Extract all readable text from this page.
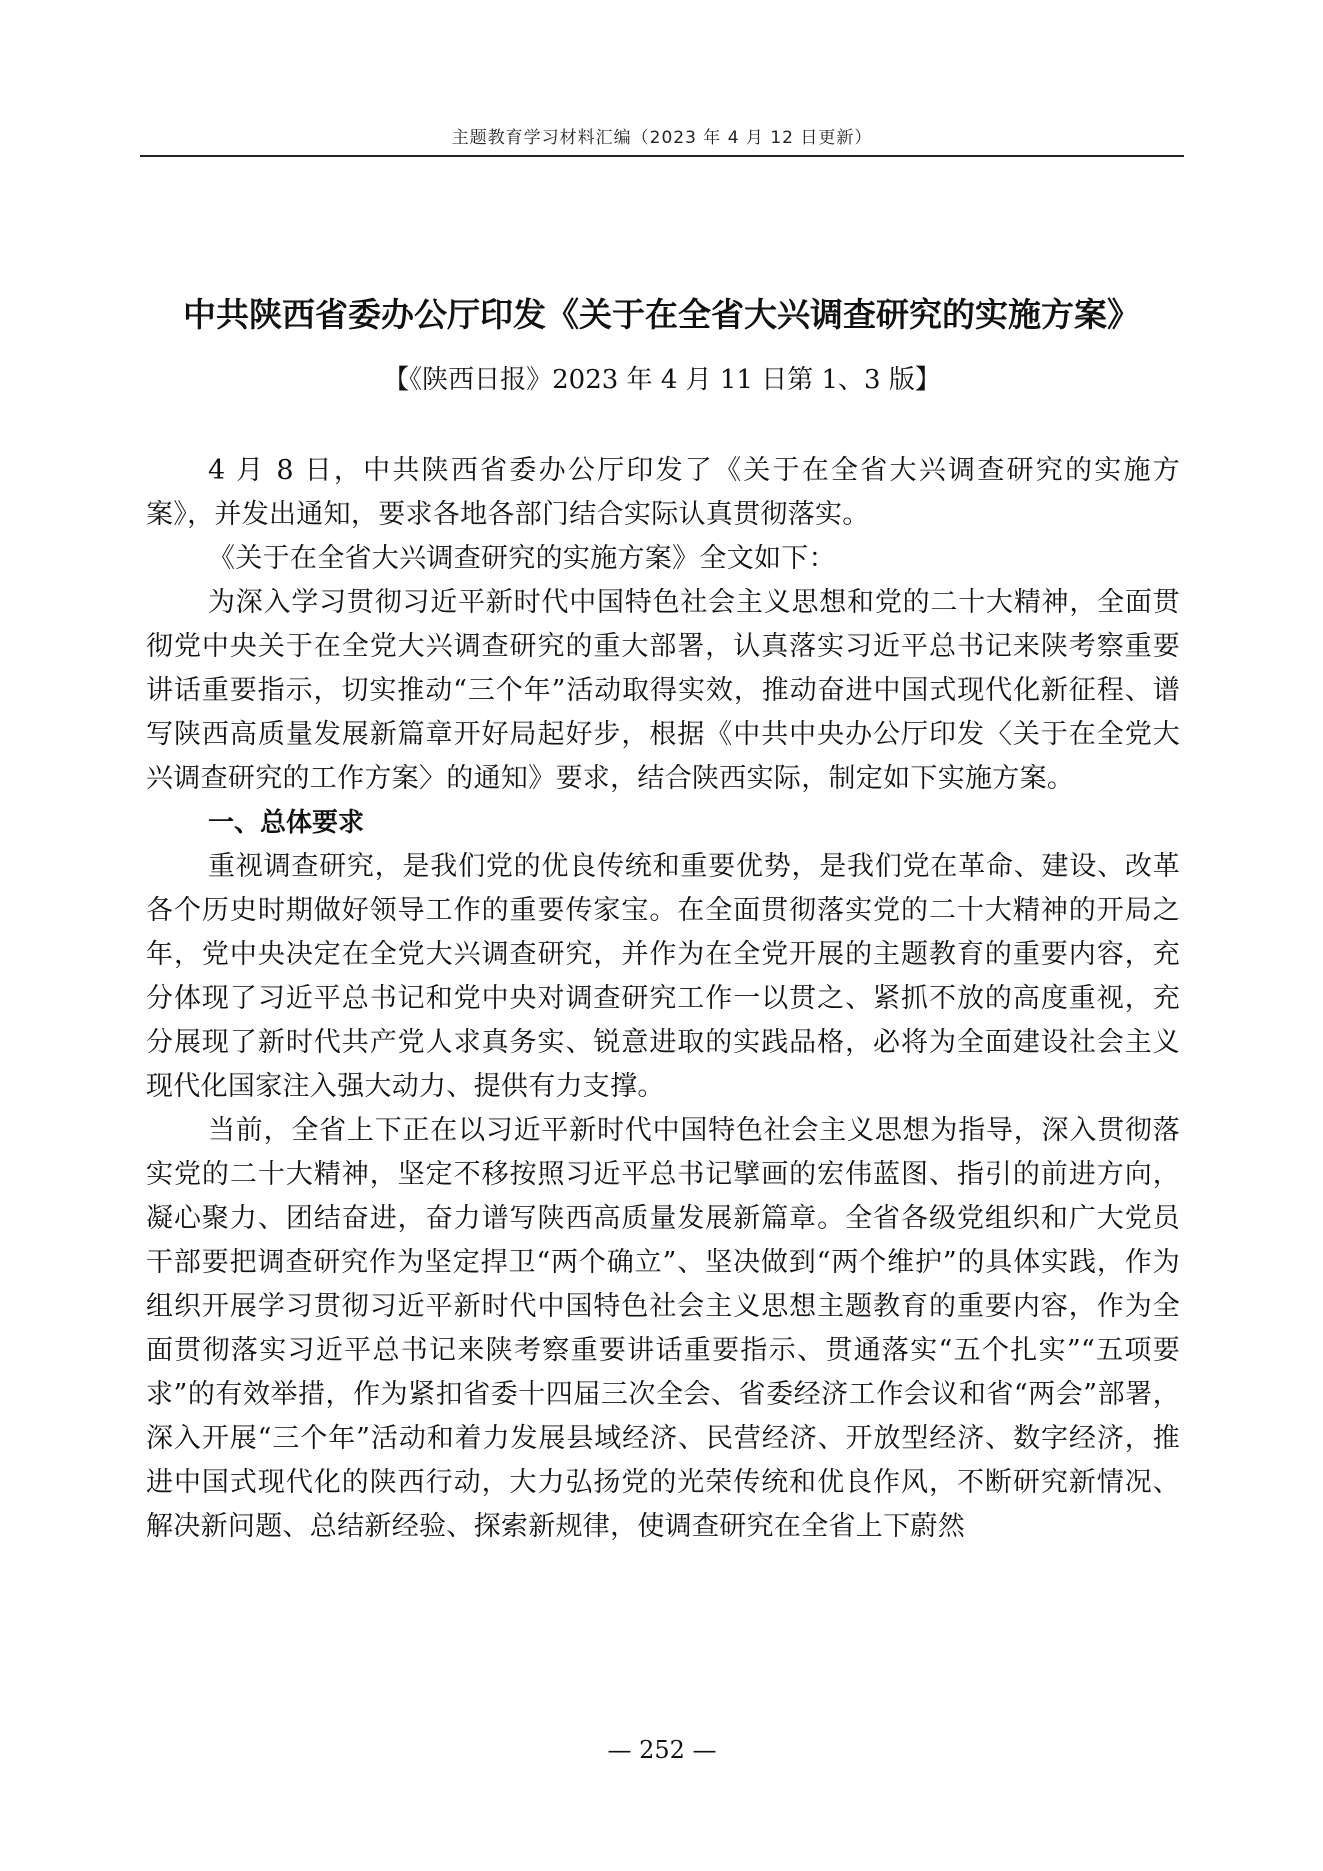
主题教育学习材料汇编（2023 年 4 月 12 日更新）
中共陕西省委办公厅印发《关于在全省大兴调查研究的实施方案》
【《陕西日报》2023 年 4 月 11 日第 1、3 版】

4 月 8 日，中共陕西省委办公厅印发了《关于在全省大兴调查研究的实施方案》，并发出通知，要求各地各部门结合实际认真贯彻落实。

《关于在全省大兴调查研究的实施方案》全文如下：

为深入学习贯彻习近平新时代中国特色社会主义思想和党的二十大精神，全面贯彻党中央关于在全党大兴调查研究的重大部署，认真落实习近平总书记来陕考察重要讲话重要指示，切实推动“三个年”活动取得实效，推动奋进中国式现代化新征程、谱写陕西高质量发展新篇章开好局起好步，根据《中共中央办公厅印发〈关于在全党大兴调查研究的工作方案〉的通知》要求，结合陕西实际，制定如下实施方案。

一、总体要求

重视调查研究，是我们党的优良传统和重要优势，是我们党在革命、建设、改革各个历史时期做好领导工作的重要传家宝。在全面贯彻落实党的二十大精神的开局之年，党中央决定在全党大兴调查研究，并作为在全党开展的主题教育的重要内容，充分体现了习近平总书记和党中央对调查研究工作一以贯之、紧抓不放的高度重视，充分展现了新时代共产党人求真务实、锐意进取的实践品格，必将为全面建设社会主义现代化国家注入强大动力、提供有力支撑。

当前，全省上下正在以习近平新时代中国特色社会主义思想为指导，深入贯彻落实党的二十大精神，坚定不移按照习近平总书记擘画的宏伟蓝图、指引的前进方向，凝心聚力、团结奋进，奋力谱写陕西高质量发展新篇章。全省各级党组织和广大党员干部要把调查研究作为坚定捍卫“两个确立”、坚决做到“两个维护”的具体实践，作为组织开展学习贯彻习近平新时代中国特色社会主义思想主题教育的重要内容，作为全面贯彻落实习近平总书记来陕考察重要讲话重要指示、贯通落实“五个扎实”“五项要求”的有效举措，作为紧扣省委十四届三次全会、省委经济工作会议和省“两会”部署，深入开展“三个年”活动和着力发展县域经济、民营经济、开放型经济、数字经济，推进中国式现代化的陕西行动，大力弘扬党的光荣传统和优良作风，不断研究新情况、解决新问题、总结新经验、探索新规律，使调查研究在全省上下蔚然

— 252 —
